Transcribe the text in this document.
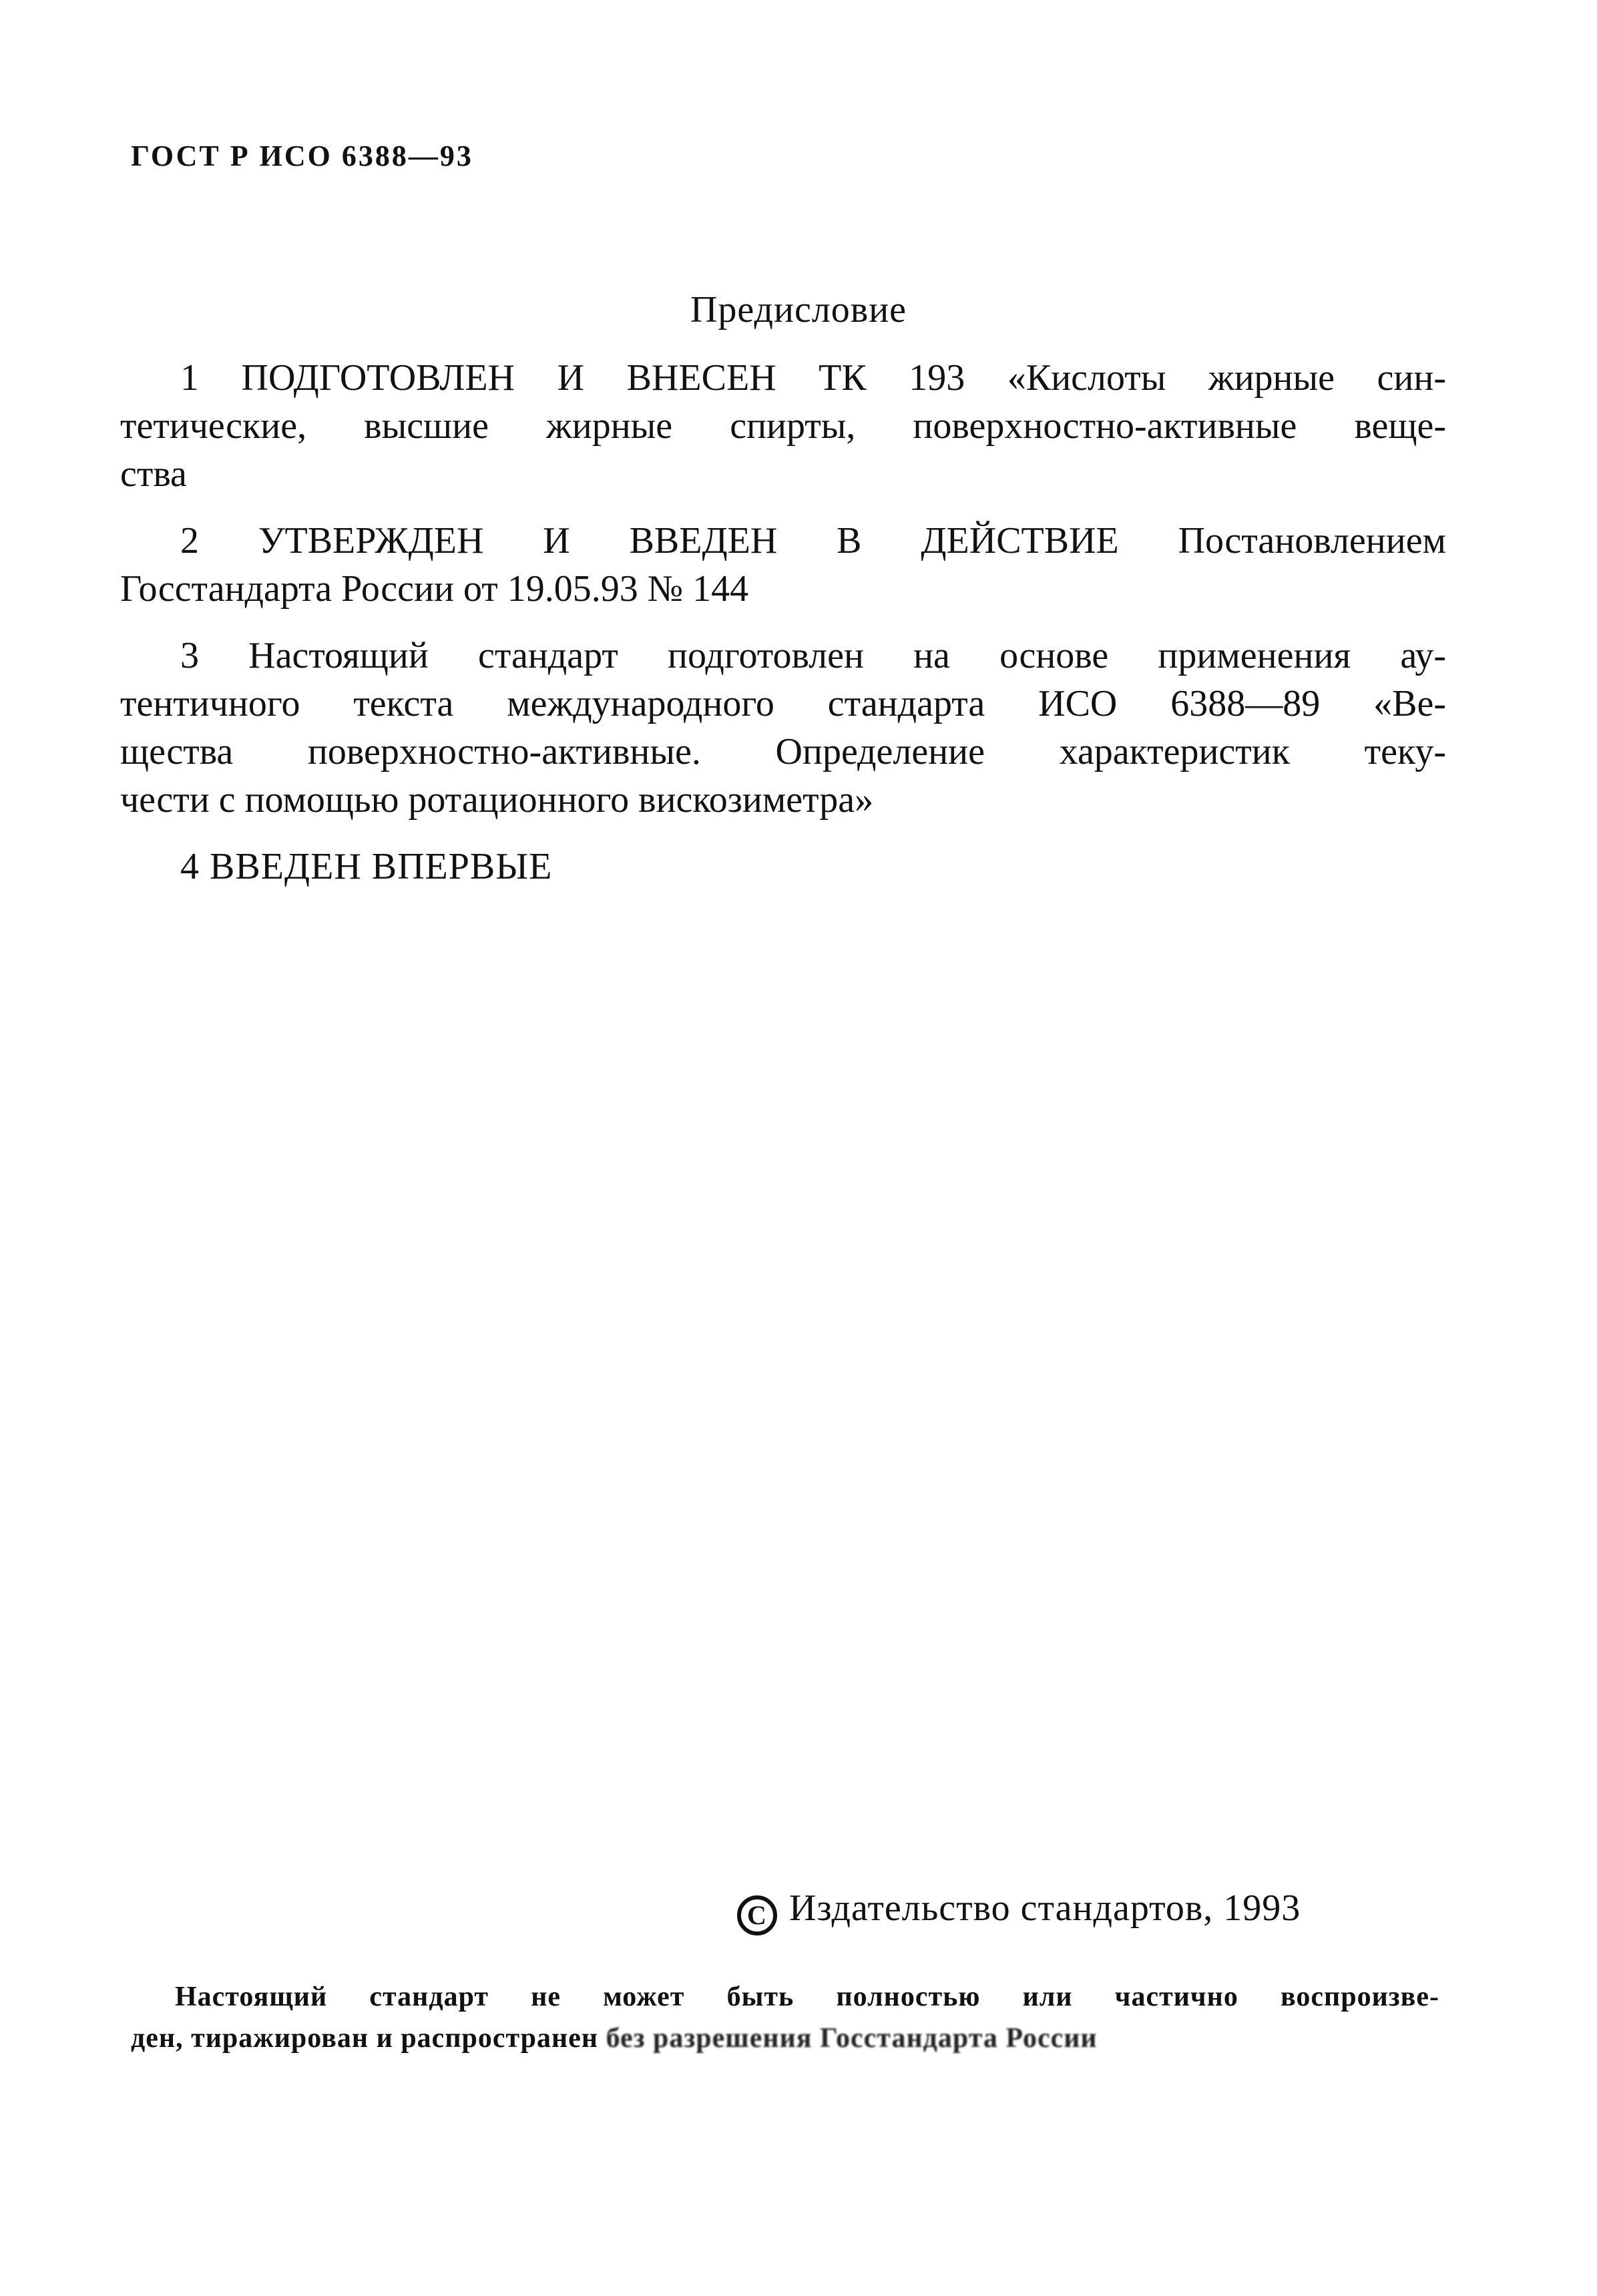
ГОСТ Р ИСО 6388—93
Предисловие
1 ПОДГОТОВЛЕН И ВНЕСЕН ТК 193 «Кислоты жирные син-
тетические, высшие жирные спирты, поверхностно-активные веще-
ства
2 УТВЕРЖДЕН И ВВЕДЕН В ДЕЙСТВИЕ Постановлением
Госстандарта России от 19.05.93 № 144
3 Настоящий стандарт подготовлен на основе применения ау-
тентичного текста международного стандарта ИСО 6388—89 «Ве-
щества поверхностно-активные. Определение характеристик теку-
чести с помощью ротационного вискозиметра»
4 ВВЕДЕН ВПЕРВЫЕ
С Издательство стандартов, 1993
Настоящий стандарт не может быть полностью или частично воспроизве-
ден, тиражирован и распространен без разрешения Госстандарта России
